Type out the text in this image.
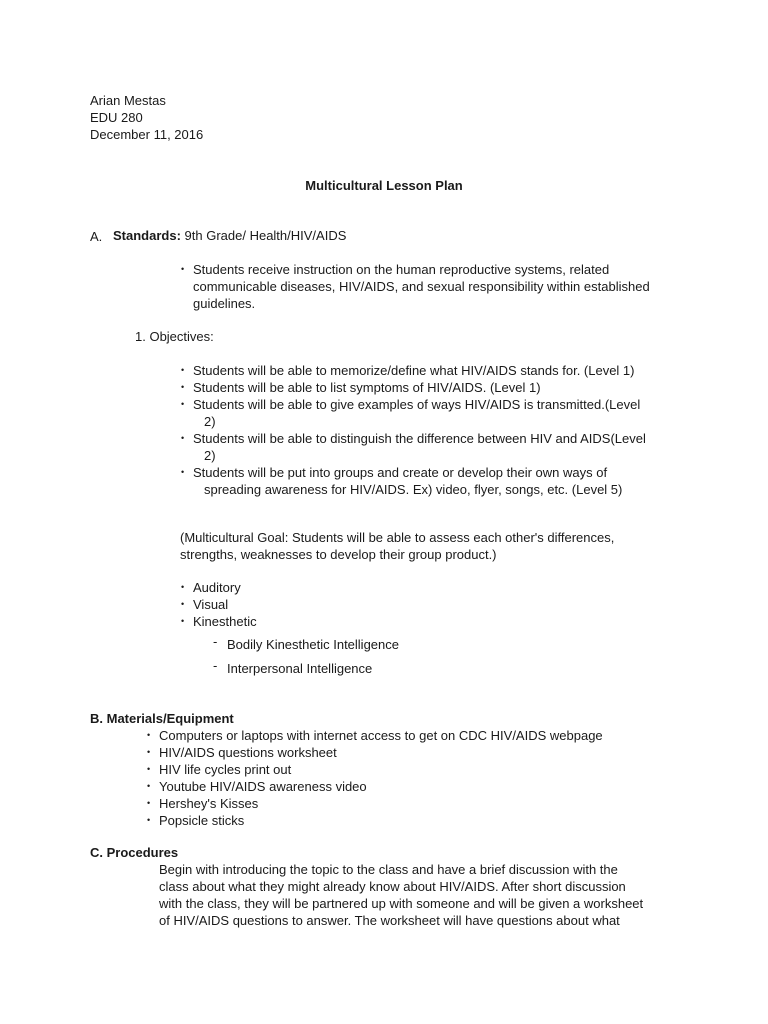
Arian Mestas
EDU 280
December 11, 2016
Multicultural Lesson Plan
A. Standards: 9th Grade/ Health/HIV/AIDS
• Students receive instruction on the human reproductive systems, related
communicable diseases, HIV/AIDS, and sexual responsibility within established
guidelines.
1. Objectives:
• Students will be able to memorize/define what HIV/AIDS stands for. (Level 1)
• Students will be able to list symptoms of HIV/AIDS. (Level 1)
• Students will be able to give examples of ways HIV/AIDS is transmitted.(Level
2)
• Students will be able to distinguish the difference between HIV and AIDS(Level
2)
• Students will be put into groups and create or develop their own ways of
spreading awareness for HIV/AIDS. Ex) video, flyer, songs, etc. (Level 5)
(Multicultural Goal: Students will be able to assess each other's differences,
strengths, weaknesses to develop their group product.)
• Auditory
• Visual
• Kinesthetic
- Bodily Kinesthetic Intelligence
- Interpersonal Intelligence
B. Materials/Equipment
• Computers or laptops with internet access to get on CDC HIV/AIDS webpage
• HIV/AIDS questions worksheet
• HIV life cycles print out
• Youtube HIV/AIDS awareness video
• Hershey's Kisses
• Popsicle sticks
C. Procedures
Begin with introducing the topic to the class and have a brief discussion with the
class about what they might already know about HIV/AIDS. After short discussion
with the class, they will be partnered up with someone and will be given a worksheet
of HIV/AIDS questions to answer. The worksheet will have questions about what
